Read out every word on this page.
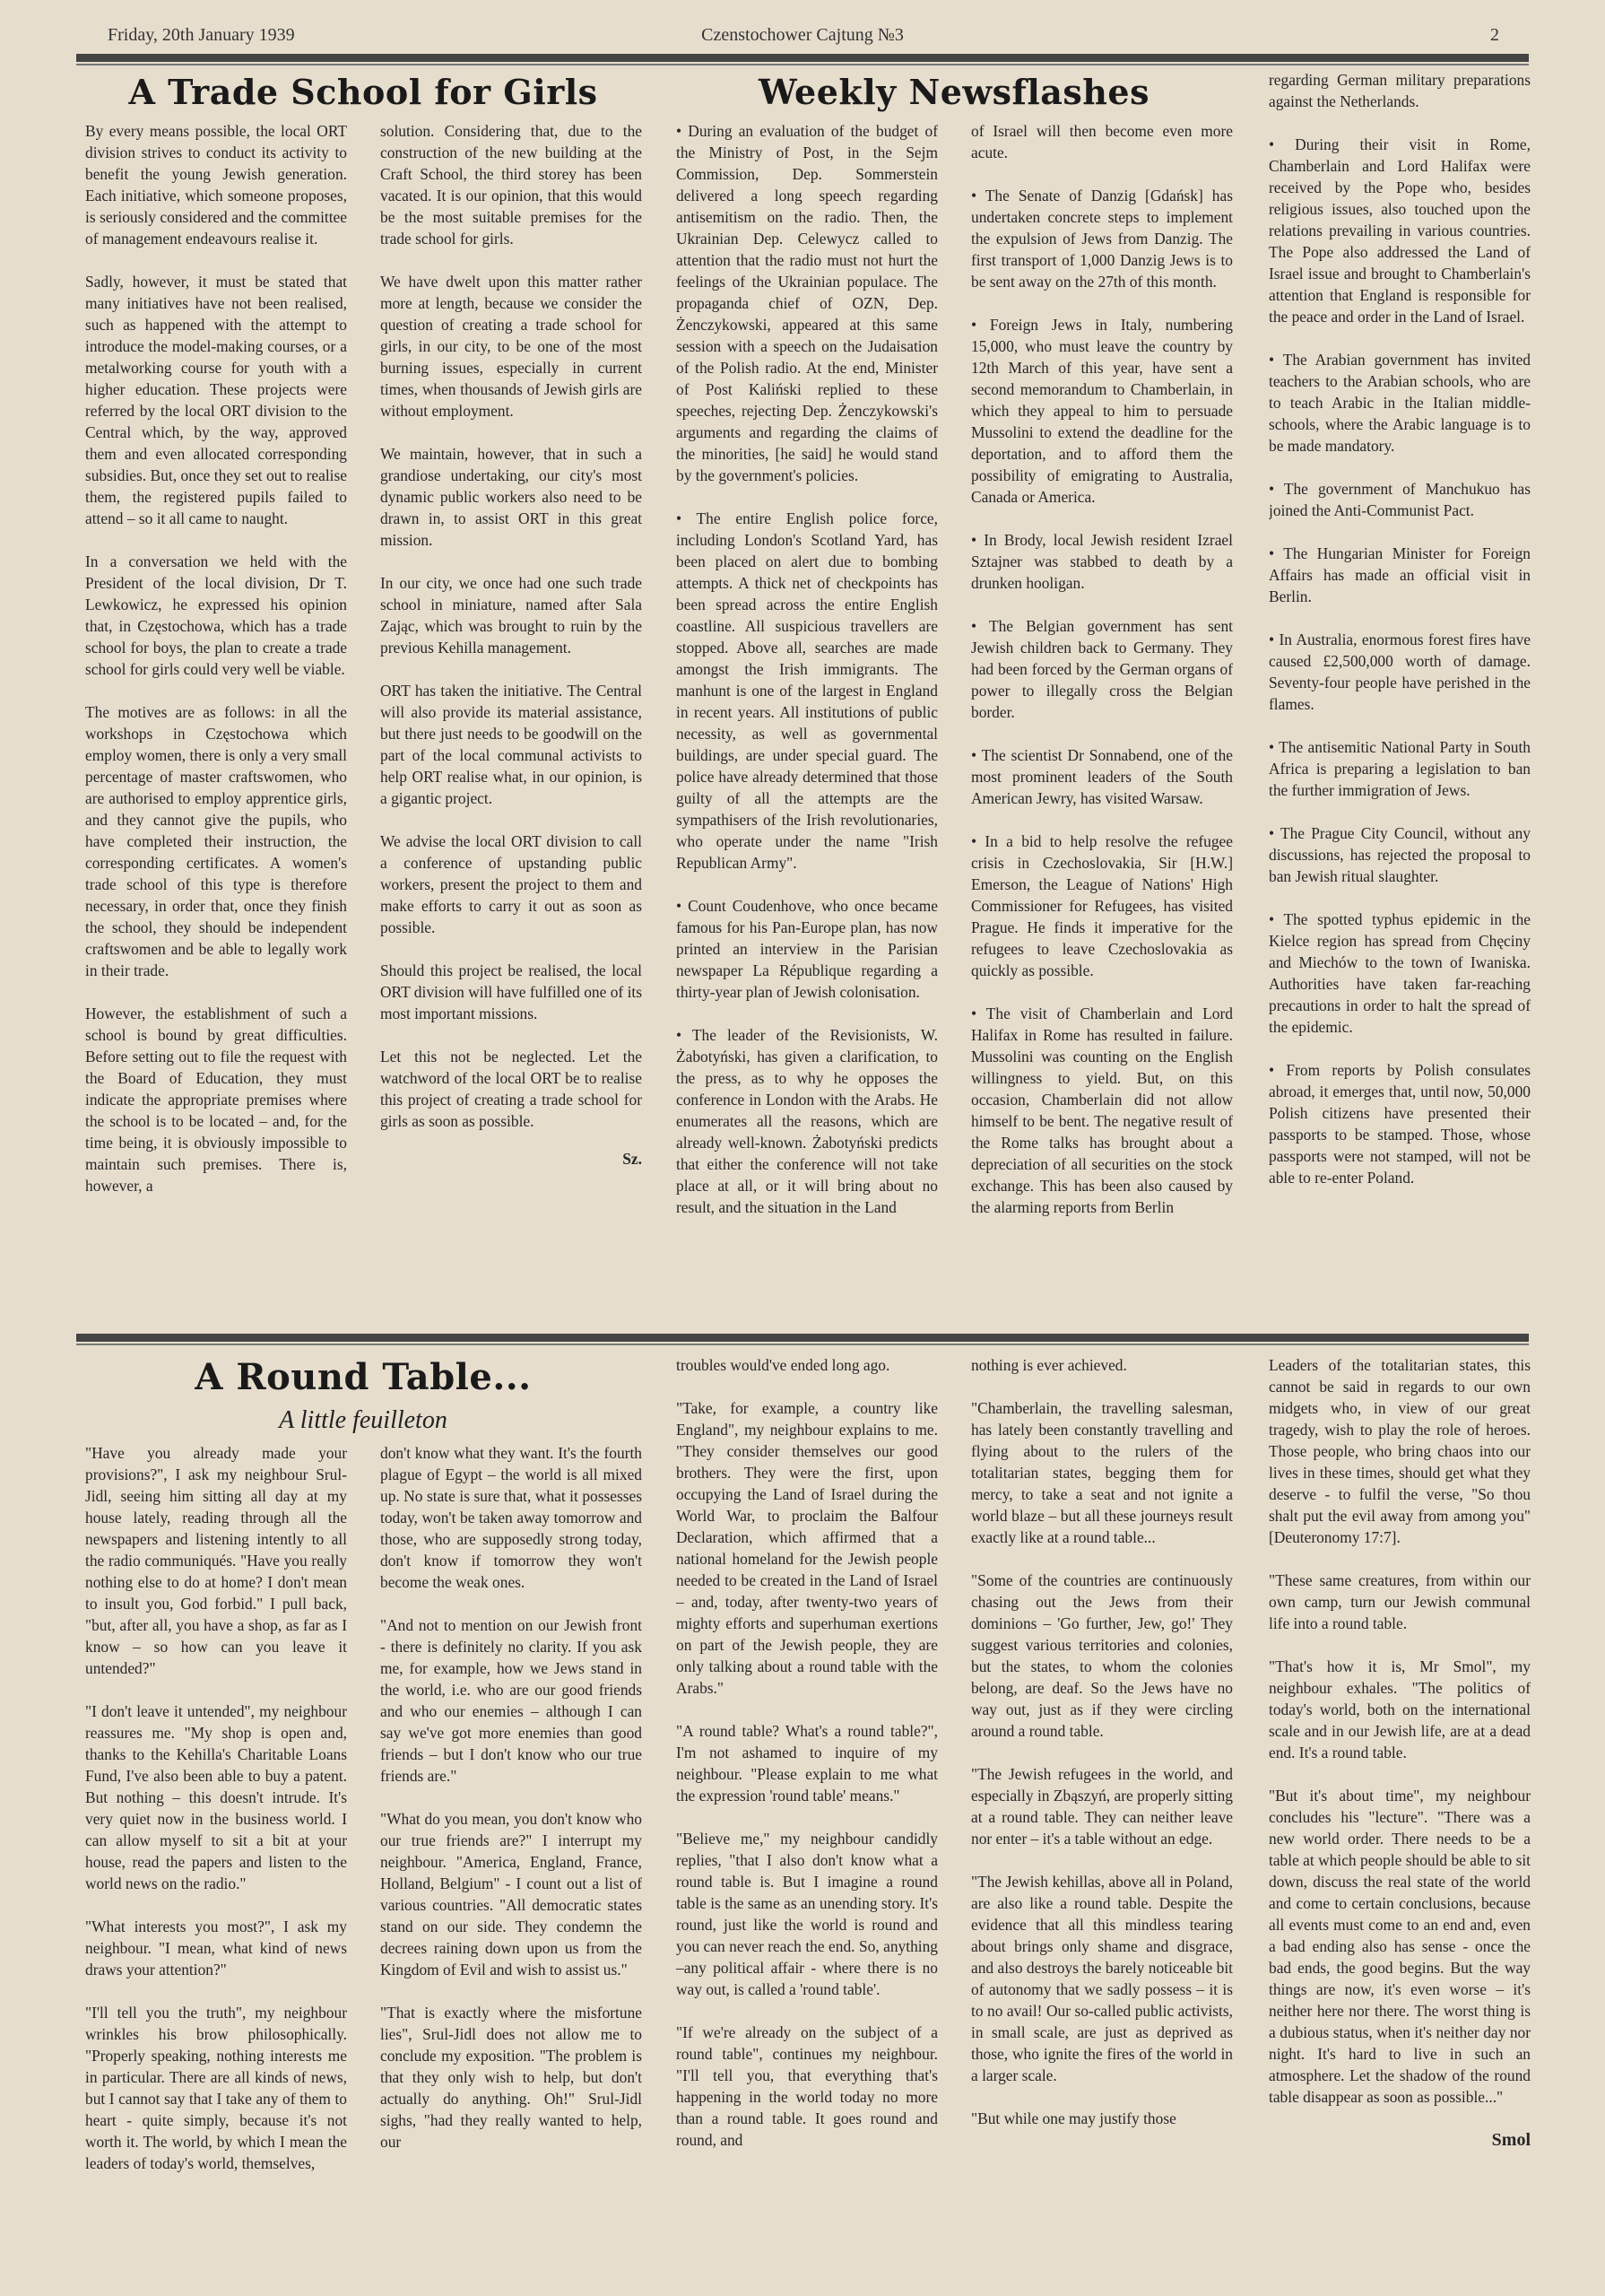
Friday, 20th January 1939	Czenstochower Cajtung №3	2
A Trade School for Girls

By every means possible, the local ORT division strives to conduct its activity to benefit the young Jewish generation. Each initiative, which someone proposes, is seriously considered and the committee of management endeavours realise it.

Sadly, however, it must be stated that many initiatives have not been realised, such as happened with the attempt to introduce the model-making courses, or a metalworking course for youth with a higher education. These projects were referred by the local ORT division to the Central which, by the way, approved them and even allocated corresponding subsidies. But, once they set out to realise them, the registered pupils failed to attend – so it all came to naught.

In a conversation we held with the President of the local division, Dr T. Lewkowicz, he expressed his opinion that, in Częstochowa, which has a trade school for boys, the plan to create a trade school for girls could very well be viable.

The motives are as follows: in all the workshops in Częstochowa which employ women, there is only a very small percentage of master craftswomen, who are authorised to employ apprentice girls, and they cannot give the pupils, who have completed their instruction, the corresponding certificates. A women's trade school of this type is therefore necessary, in order that, once they finish the school, they should be independent craftswomen and be able to legally work in their trade.

However, the establishment of such a school is bound by great difficulties. Before setting out to file the request with the Board of Education, they must indicate the appropriate premises where the school is to be located – and, for the time being, it is obviously impossible to maintain such premises. There is, however, a

solution. Considering that, due to the construction of the new building at the Craft School, the third storey has been vacated. It is our opinion, that this would be the most suitable premises for the trade school for girls.

We have dwelt upon this matter rather more at length, because we consider the question of creating a trade school for girls, in our city, to be one of the most burning issues, especially in current times, when thousands of Jewish girls are without employment.

We maintain, however, that in such a grandiose undertaking, our city's most dynamic public workers also need to be drawn in, to assist ORT in this great mission.

In our city, we once had one such trade school in miniature, named after Sala Zając, which was brought to ruin by the previous Kehilla management.

ORT has taken the initiative. The Central will also provide its material assistance, but there just needs to be goodwill on the part of the local communal activists to help ORT realise what, in our opinion, is a gigantic project.

We advise the local ORT division to call a conference of upstanding public workers, present the project to them and make efforts to carry it out as soon as possible.

Should this project be realised, the local ORT division will have fulfilled one of its most important missions.

Let this not be neglected. Let the watchword of the local ORT be to realise this project of creating a trade school for girls as soon as possible.

Sz.
Weekly Newsflashes

• During an evaluation of the budget of the Ministry of Post, in the Sejm Commission, Dep. Sommerstein delivered a long speech regarding antisemitism on the radio. Then, the Ukrainian Dep. Celewycz called to attention that the radio must not hurt the feelings of the Ukrainian populace. The propaganda chief of OZN, Dep. Żenczykowski, appeared at this same session with a speech on the Judaisation of the Polish radio. At the end, Minister of Post Kaliński replied to these speeches, rejecting Dep. Żenczykowski's arguments and regarding the claims of the minorities, [he said] he would stand by the government's policies.

• The entire English police force, including London's Scotland Yard, has been placed on alert due to bombing attempts. A thick net of checkpoints has been spread across the entire English coastline. All suspicious travellers are stopped. Above all, searches are made amongst the Irish immigrants. The manhunt is one of the largest in England in recent years. All institutions of public necessity, as well as governmental buildings, are under special guard. The police have already determined that those guilty of all the attempts are the sympathisers of the Irish revolutionaries, who operate under the name "Irish Republican Army".

• Count Coudenhove, who once became famous for his Pan-Europe plan, has now printed an interview in the Parisian newspaper La République regarding a thirty-year plan of Jewish colonisation.

• The leader of the Revisionists, W. Żabotyński, has given a clarification, to the press, as to why he opposes the conference in London with the Arabs. He enumerates all the reasons, which are already well-known. Żabotyński predicts that either the conference will not take place at all, or it will bring about no result, and the situation in the Land

of Israel will then become even more acute.

• The Senate of Danzig [Gdańsk] has undertaken concrete steps to implement the expulsion of Jews from Danzig. The first transport of 1,000 Danzig Jews is to be sent away on the 27th of this month.

• Foreign Jews in Italy, numbering 15,000, who must leave the country by 12th March of this year, have sent a second memorandum to Chamberlain, in which they appeal to him to persuade Mussolini to extend the deadline for the deportation, and to afford them the possibility of emigrating to Australia, Canada or America.

• In Brody, local Jewish resident Izrael Sztajner was stabbed to death by a drunken hooligan.

• The Belgian government has sent Jewish children back to Germany. They had been forced by the German organs of power to illegally cross the Belgian border.

• The scientist Dr Sonnabend, one of the most prominent leaders of the South American Jewry, has visited Warsaw.

• In a bid to help resolve the refugee crisis in Czechoslovakia, Sir [H.W.] Emerson, the League of Nations' High Commissioner for Refugees, has visited Prague. He finds it imperative for the refugees to leave Czechoslovakia as quickly as possible.

• The visit of Chamberlain and Lord Halifax in Rome has resulted in failure. Mussolini was counting on the English willingness to yield. But, on this occasion, Chamberlain did not allow himself to be bent. The negative result of the Rome talks has brought about a depreciation of all securities on the stock exchange. This has been also caused by the alarming reports from Berlin

regarding German military preparations against the Netherlands.

• During their visit in Rome, Chamberlain and Lord Halifax were received by the Pope who, besides religious issues, also touched upon the relations prevailing in various countries. The Pope also addressed the Land of Israel issue and brought to Chamberlain's attention that England is responsible for the peace and order in the Land of Israel.

• The Arabian government has invited teachers to the Arabian schools, who are to teach Arabic in the Italian middle-schools, where the Arabic language is to be made mandatory.

• The government of Manchukuo has joined the Anti-Communist Pact.

• The Hungarian Minister for Foreign Affairs has made an official visit in Berlin.

• In Australia, enormous forest fires have caused £2,500,000 worth of damage. Seventy-four people have perished in the flames.

• The antisemitic National Party in South Africa is preparing a legislation to ban the further immigration of Jews.

• The Prague City Council, without any discussions, has rejected the proposal to ban Jewish ritual slaughter.

• The spotted typhus epidemic in the Kielce region has spread from Chęciny and Miechów to the town of Iwaniska. Authorities have taken far-reaching precautions in order to halt the spread of the epidemic.

• From reports by Polish consulates abroad, it emerges that, until now, 50,000 Polish citizens have presented their passports to be stamped. Those, whose passports were not stamped, will not be able to re-enter Poland.

A Round Table...
A little feuilleton

"Have you already made your provisions?", I ask my neighbour Srul-Jidl, seeing him sitting all day at my house lately, reading through all the newspapers and listening intently to all the radio communiqués. "Have you really nothing else to do at home? I don't mean to insult you, God forbid." I pull back, "but, after all, you have a shop, as far as I know – so how can you leave it untended?"

"I don't leave it untended", my neighbour reassures me. "My shop is open and, thanks to the Kehilla's Charitable Loans Fund, I've also been able to buy a patent. But nothing – this doesn't intrude. It's very quiet now in the business world. I can allow myself to sit a bit at your house, read the papers and listen to the world news on the radio."

"What interests you most?", I ask my neighbour. "I mean, what kind of news draws your attention?"

"I'll tell you the truth", my neighbour wrinkles his brow philosophically. "Properly speaking, nothing interests me in particular. There are all kinds of news, but I cannot say that I take any of them to heart - quite simply, because it's not worth it. The world, by which I mean the leaders of today's world, themselves,

don't know what they want. It's the fourth plague of Egypt – the world is all mixed up. No state is sure that, what it possesses today, won't be taken away tomorrow and those, who are supposedly strong today, don't know if tomorrow they won't become the weak ones.

"And not to mention on our Jewish front - there is definitely no clarity. If you ask me, for example, how we Jews stand in the world, i.e. who are our good friends and who our enemies – although I can say we've got more enemies than good friends – but I don't know who our true friends are."

"What do you mean, you don't know who our true friends are?" I interrupt my neighbour. "America, England, France, Holland, Belgium" - I count out a list of various countries. "All democratic states stand on our side. They condemn the decrees raining down upon us from the Kingdom of Evil and wish to assist us."

"That is exactly where the misfortune lies", Srul-Jidl does not allow me to conclude my exposition. "The problem is that they only wish to help, but don't actually do anything. Oh!" Srul-Jidl sighs, "had they really wanted to help, our

troubles would've ended long ago.

"Take, for example, a country like England", my neighbour explains to me. "They consider themselves our good brothers. They were the first, upon occupying the Land of Israel during the World War, to proclaim the Balfour Declaration, which affirmed that a national homeland for the Jewish people needed to be created in the Land of Israel – and, today, after twenty-two years of mighty efforts and superhuman exertions on part of the Jewish people, they are only talking about a round table with the Arabs."

"A round table? What's a round table?", I'm not ashamed to inquire of my neighbour. "Please explain to me what the expression 'round table' means."

"Believe me," my neighbour candidly replies, "that I also don't know what a round table is. But I imagine a round table is the same as an unending story. It's round, just like the world is round and you can never reach the end. So, anything –any political affair - where there is no way out, is called a 'round table'.

"If we're already on the subject of a round table", continues my neighbour. "I'll tell you, that everything that's happening in the world today no more than a round table. It goes round and round, and

nothing is ever achieved.

"Chamberlain, the travelling salesman, has lately been constantly travelling and flying about to the rulers of the totalitarian states, begging them for mercy, to take a seat and not ignite a world blaze – but all these journeys result exactly like at a round table...

"Some of the countries are continuously chasing out the Jews from their dominions – 'Go further, Jew, go!' They suggest various territories and colonies, but the states, to whom the colonies belong, are deaf. So the Jews have no way out, just as if they were circling around a round table.

"The Jewish refugees in the world, and especially in Zbąszyń, are properly sitting at a round table. They can neither leave nor enter – it's a table without an edge.

"The Jewish kehillas, above all in Poland, are also like a round table. Despite the evidence that all this mindless tearing about brings only shame and disgrace, and also destroys the barely noticeable bit of autonomy that we sadly possess – it is to no avail! Our so-called public activists, in small scale, are just as deprived as those, who ignite the fires of the world in a larger scale.

"But while one may justify those

Leaders of the totalitarian states, this cannot be said in regards to our own midgets who, in view of our great tragedy, wish to play the role of heroes. Those people, who bring chaos into our lives in these times, should get what they deserve - to fulfil the verse, "So thou shalt put the evil away from among you" [Deuteronomy 17:7].

"These same creatures, from within our own camp, turn our Jewish communal life into a round table.

"That's how it is, Mr Smol", my neighbour exhales. "The politics of today's world, both on the international scale and in our Jewish life, are at a dead end. It's a round table.

"But it's about time", my neighbour concludes his "lecture". "There was a new world order. There needs to be a table at which people should be able to sit down, discuss the real state of the world and come to certain conclusions, because all events must come to an end and, even a bad ending also has sense - once the bad ends, the good begins. But the way things are now, it's even worse – it's neither here nor there. The worst thing is a dubious status, when it's neither day nor night. It's hard to live in such an atmosphere. Let the shadow of the round table disappear as soon as possible..."

Smol
